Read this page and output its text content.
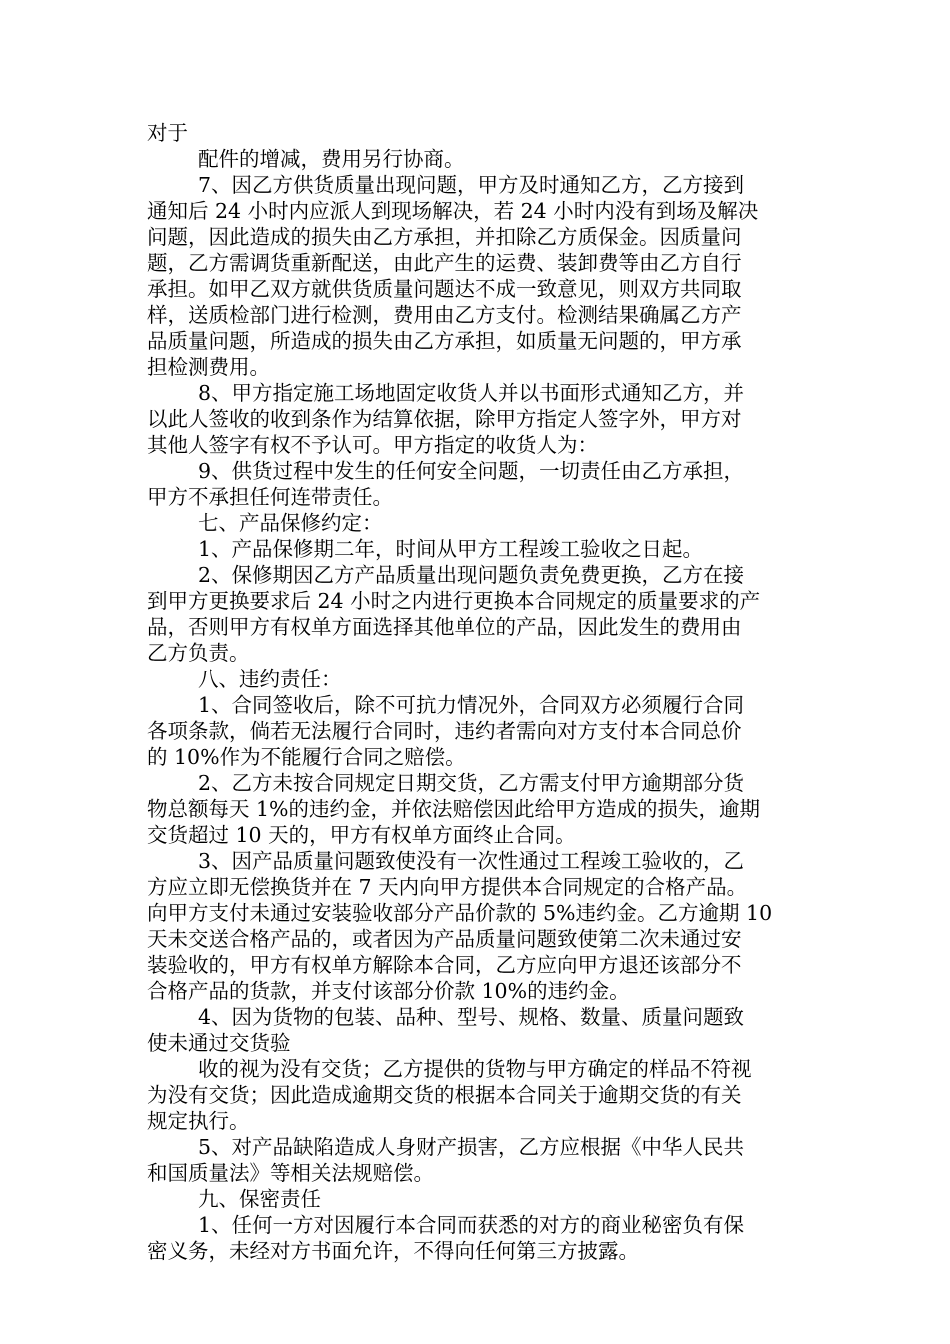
对于
配件的增减，费用另行协商。
7、因乙方供货质量出现问题，甲方及时通知乙方，乙方接到
通知后 24 小时内应派人到现场解决，若 24 小时内没有到场及解决
问题，因此造成的损失由乙方承担，并扣除乙方质保金。因质量问
题，乙方需调货重新配送，由此产生的运费、装卸费等由乙方自行
承担。如甲乙双方就供货质量问题达不成一致意见，则双方共同取
样，送质检部门进行检测，费用由乙方支付。检测结果确属乙方产
品质量问题，所造成的损失由乙方承担，如质量无问题的，甲方承
担检测费用。
8、甲方指定施工场地固定收货人并以书面形式通知乙方，并
以此人签收的收到条作为结算依据，除甲方指定人签字外，甲方对
其他人签字有权不予认可。甲方指定的收货人为：
9、供货过程中发生的任何安全问题，一切责任由乙方承担，
甲方不承担任何连带责任。
七、产品保修约定：
1、产品保修期二年，时间从甲方工程竣工验收之日起。
2、保修期因乙方产品质量出现问题负责免费更换，乙方在接
到甲方更换要求后 24 小时之内进行更换本合同规定的质量要求的产
品，否则甲方有权单方面选择其他单位的产品，因此发生的费用由
乙方负责。
八、违约责任：
1、合同签收后，除不可抗力情况外，合同双方必须履行合同
各项条款，倘若无法履行合同时，违约者需向对方支付本合同总价
的 10%作为不能履行合同之赔偿。
2、乙方未按合同规定日期交货，乙方需支付甲方逾期部分货
物总额每天 1%的违约金，并依法赔偿因此给甲方造成的损失，逾期
交货超过 10 天的，甲方有权单方面终止合同。
3、因产品质量问题致使没有一次性通过工程竣工验收的，乙
方应立即无偿换货并在 7 天内向甲方提供本合同规定的合格产品。
向甲方支付未通过安装验收部分产品价款的 5%违约金。乙方逾期 10
天未交送合格产品的，或者因为产品质量问题致使第二次未通过安
装验收的，甲方有权单方解除本合同，乙方应向甲方退还该部分不
合格产品的货款，并支付该部分价款 10%的违约金。
4、因为货物的包装、品种、型号、规格、数量、质量问题致
使未通过交货验
收的视为没有交货；乙方提供的货物与甲方确定的样品不符视
为没有交货；因此造成逾期交货的根据本合同关于逾期交货的有关
规定执行。
5、对产品缺陷造成人身财产损害，乙方应根据《中华人民共
和国质量法》等相关法规赔偿。
九、保密责任
1、任何一方对因履行本合同而获悉的对方的商业秘密负有保
密义务，未经对方书面允许，不得向任何第三方披露。
